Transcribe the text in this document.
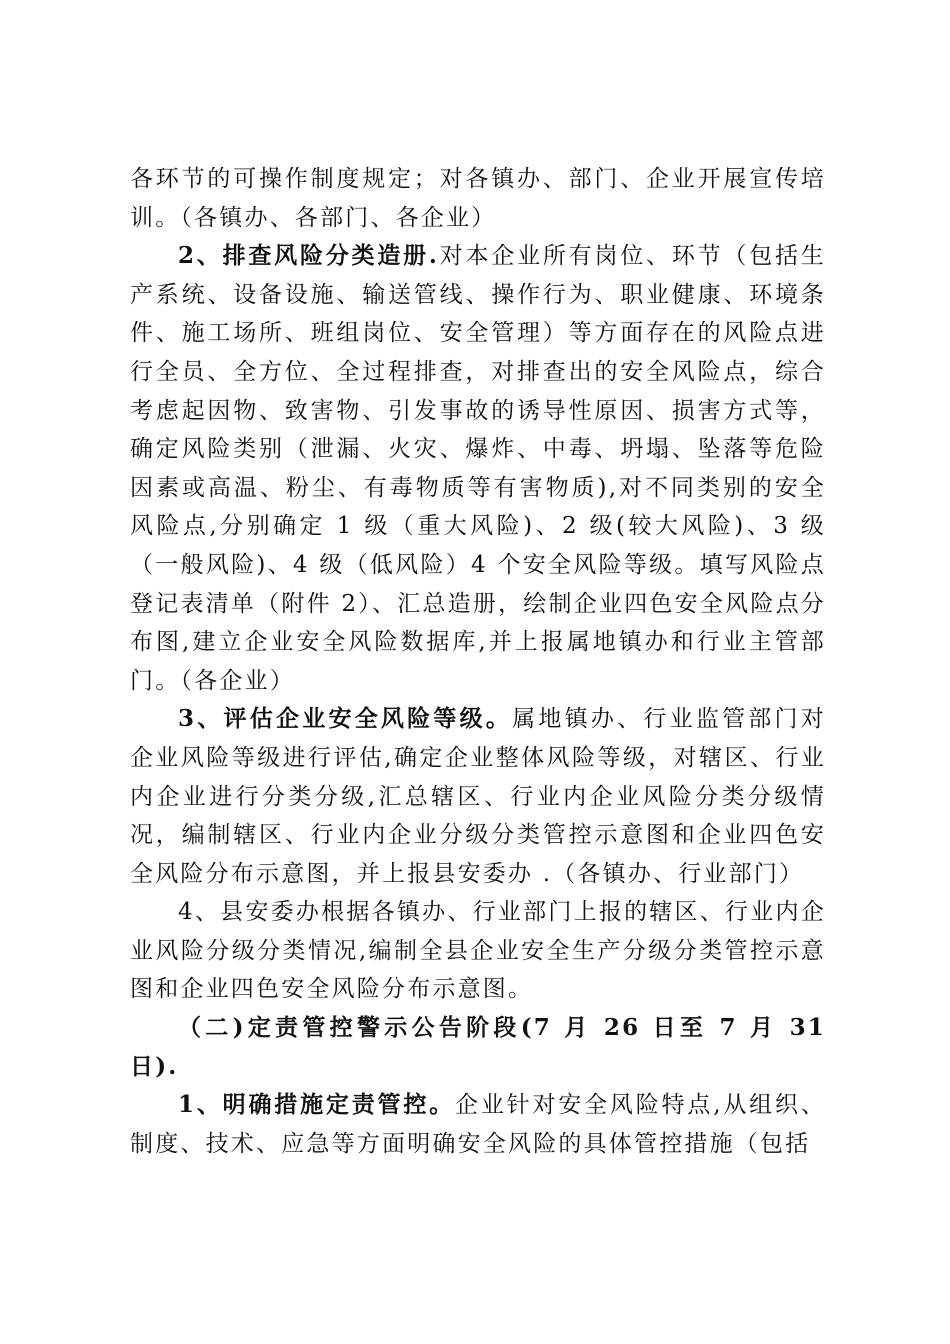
各环节的可操作制度规定；对各镇办、部门、企业开展宣传培训。（各镇办、各部门、各企业）

2、排查风险分类造册.对本企业所有岗位、环节（包括生产系统、设备设施、输送管线、操作行为、职业健康、环境条件、施工场所、班组岗位、安全管理）等方面存在的风险点进行全员、全方位、全过程排查，对排查出的安全风险点，综合考虑起因物、致害物、引发事故的诱导性原因、损害方式等，确定风险类别（泄漏、火灾、爆炸、中毒、坍塌、坠落等危险因素或高温、粉尘、有毒物质等有害物质),对不同类别的安全风险点,分别确定 1 级（重大风险)、2 级(较大风险)、3 级（一般风险)、4 级（低风险）4 个安全风险等级。填写风险点登记表清单（附件 2）、汇总造册，绘制企业四色安全风险点分布图,建立企业安全风险数据库,并上报属地镇办和行业主管部门。（各企业）

3、评估企业安全风险等级。属地镇办、行业监管部门对企业风险等级进行评估,确定企业整体风险等级，对辖区、行业内企业进行分类分级,汇总辖区、行业内企业风险分类分级情况，编制辖区、行业内企业分级分类管控示意图和企业四色安全风险分布示意图，并上报县安委办 .（各镇办、行业部门）

4、县安委办根据各镇办、行业部门上报的辖区、行业内企业风险分级分类情况,编制全县企业安全生产分级分类管控示意图和企业四色安全风险分布示意图。

（二)定责管控警示公告阶段(7 月 26 日至 7 月 31 日).

1、明确措施定责管控。企业针对安全风险特点,从组织、制度、技术、应急等方面明确安全风险的具体管控措施（包括
